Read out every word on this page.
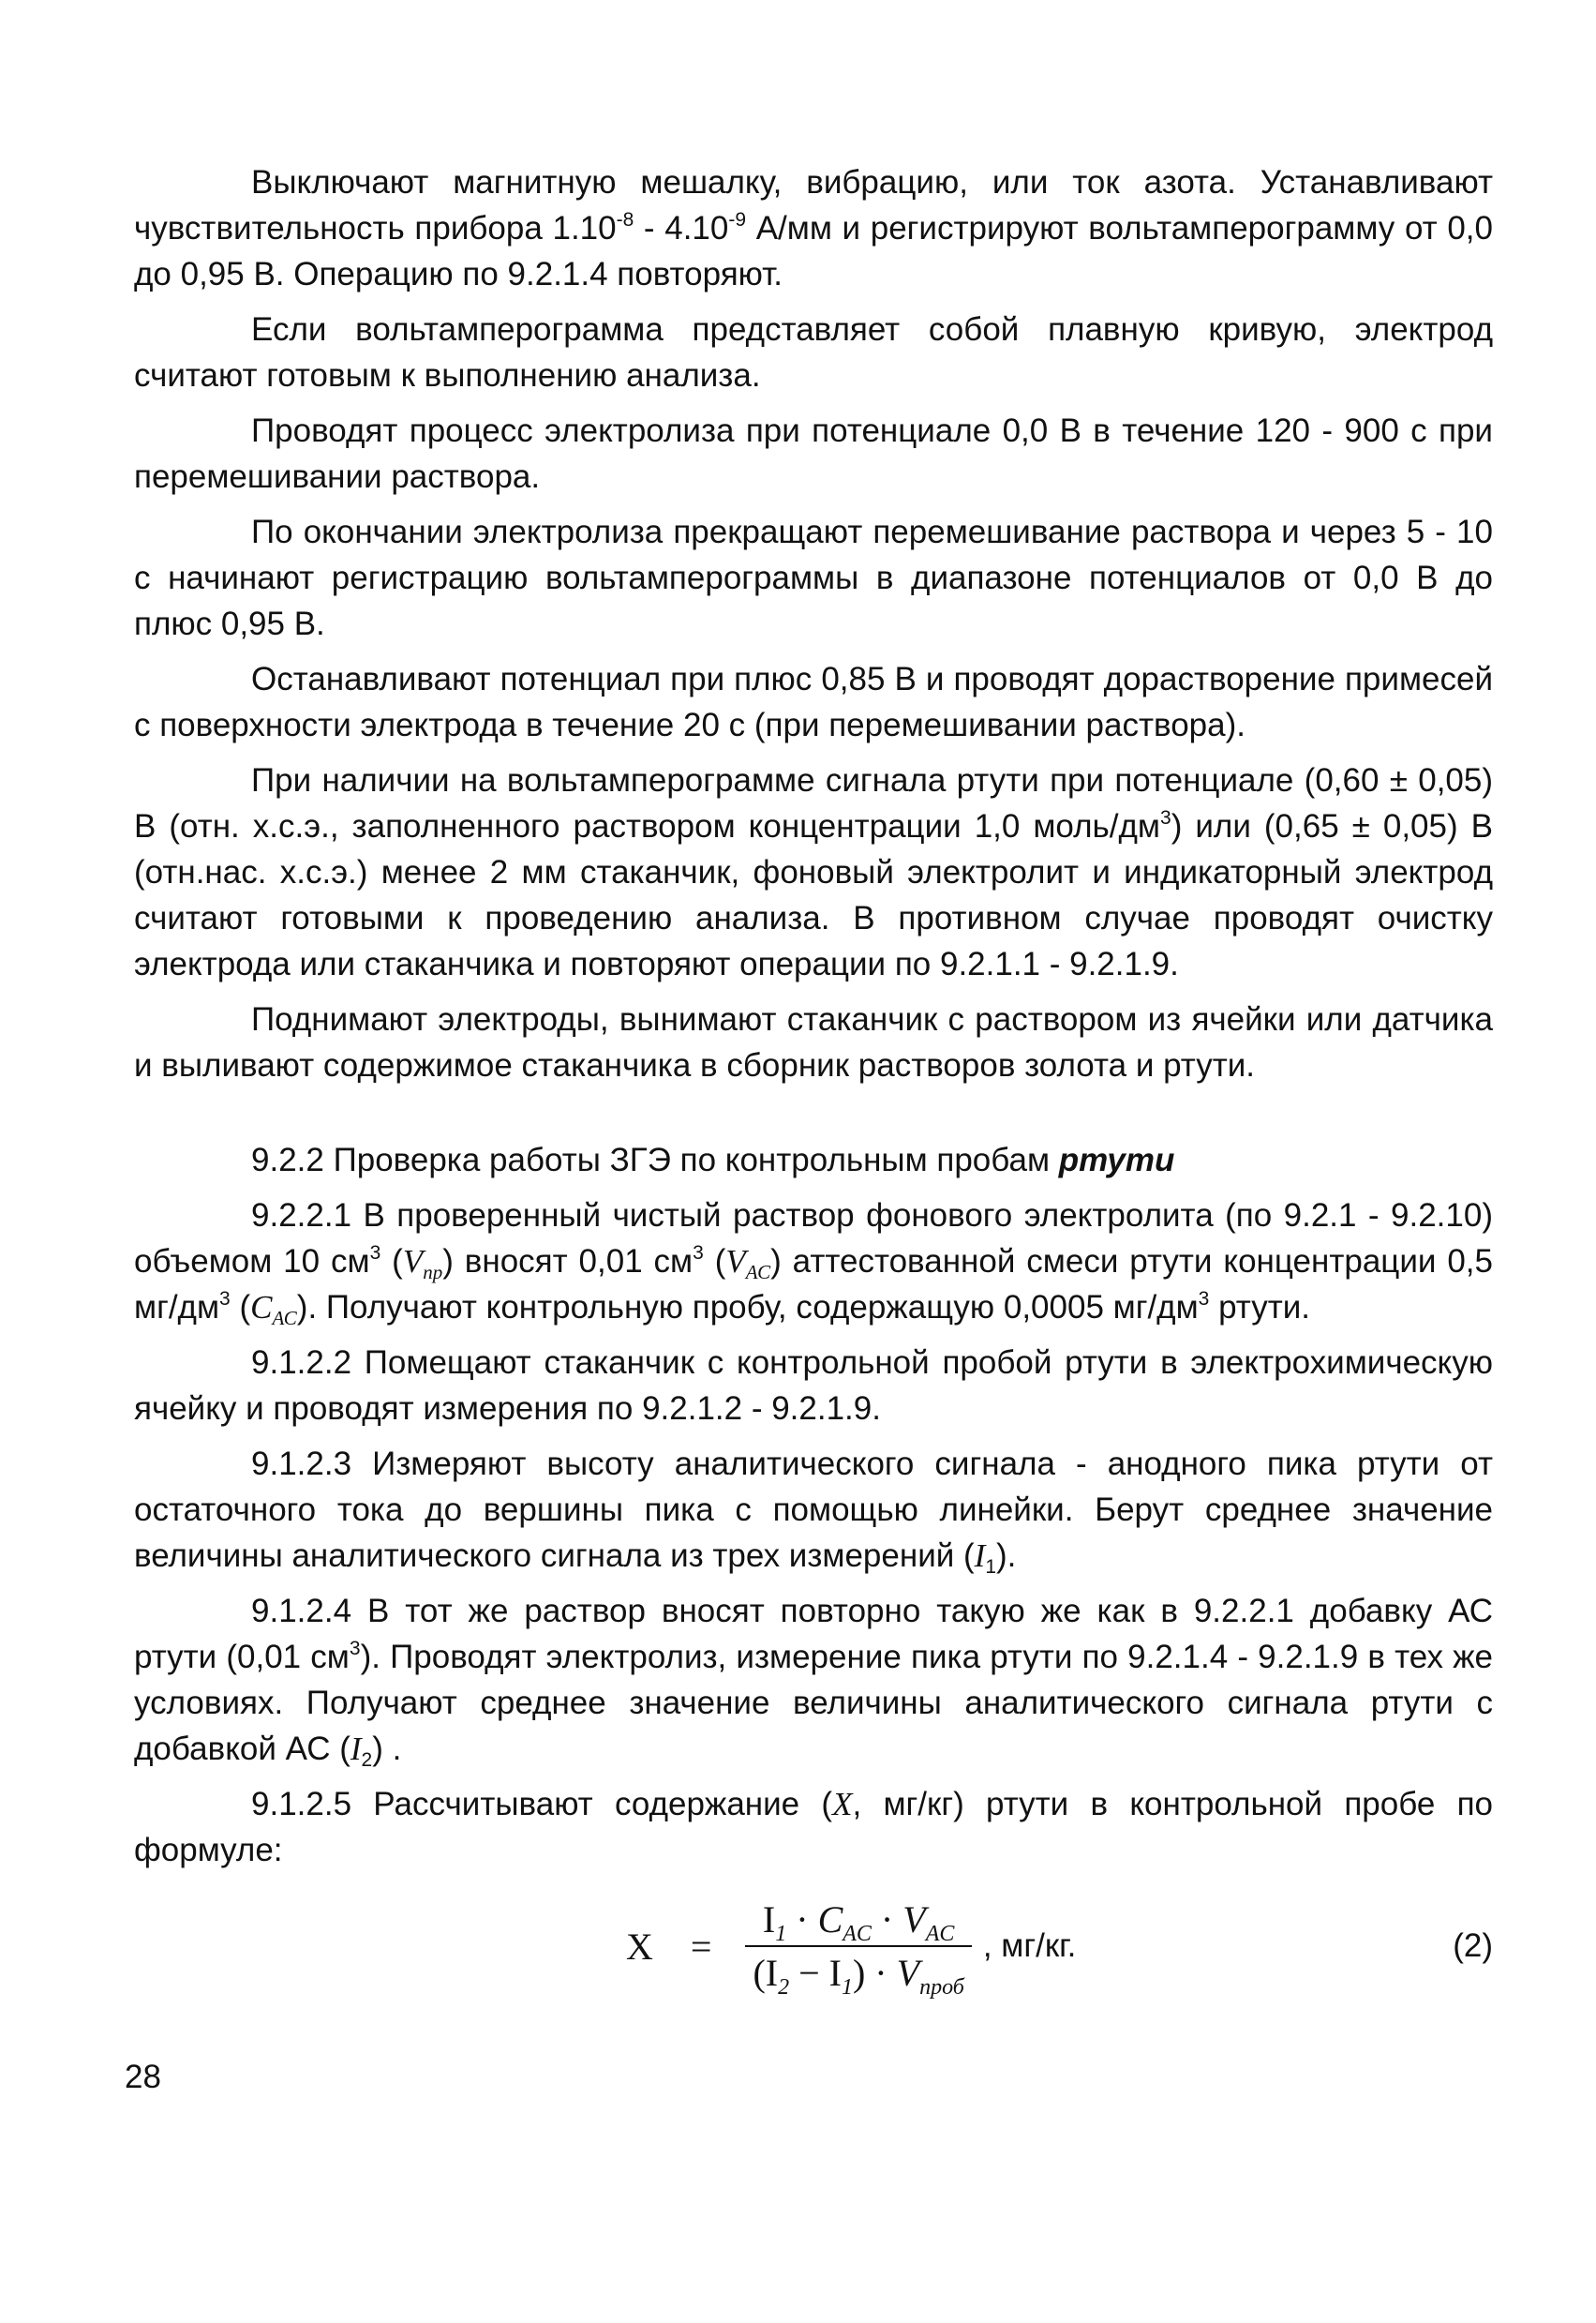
Выключают магнитную мешалку, вибрацию, или ток азота. Устанавливают чувствительность прибора $1.10^{-8} - 4.10^{-9}$ А/мм и регистрируют вольтамперограмму от 0,0 до 0,95 В. Операцию по 9.2.1.4 повторяют.

Если вольтамперограмма представляет собой плавную кривую, электрод считают готовым к выполнению анализа.

Проводят процесс электролиза при потенциале 0,0 В в течение 120 - 900 с при перемешивании раствора.

По окончании электролиза прекращают перемешивание раствора и через 5 - 10 с начинают регистрацию вольтамперограммы в диапазоне потенциалов от 0,0 В до плюс 0,95 В.

Останавливают потенциал при плюс 0,85 В и проводят дорастворение примесей с поверхности электрода в течение 20 с (при перемешивании раствора).

При наличии на вольтамперограмме сигнала ртути при потенциале (0,60 ± 0,05) В (отн. х.с.э., заполненного раствором концентрации 1,0 моль/$дм^3$) или (0,65 ± 0,05) В (отн.нас. х.с.э.) менее 2 мм стаканчик, фоновый электролит и индикаторный электрод считают готовыми к проведению анализа. В противном случае проводят очистку электрода или стаканчика и повторяют операции по 9.2.1.1 - 9.2.1.9.

Поднимают электроды, вынимают стаканчик с раствором из ячейки или датчика и выливают содержимое стаканчика в сборник растворов золота и ртути.

9.2.2 Проверка работы ЗГЭ по контрольным пробам ртути

9.2.2.1 В проверенный чистый раствор фонового электролита (по 9.2.1 - 9.2.10) объемом 10 $см^3$ $(V_{пр})$ вносят 0,01 $см^3$ $(V_{АС})$ аттестованной смеси ртути концентрации 0,5 $мг/дм^3$ $(C_{АС})$. Получают контрольную пробу, содержащую 0,0005 $мг/дм^3$ ртути.

9.1.2.2 Помещают стаканчик с контрольной пробой ртути в электрохимическую ячейку и проводят измерения по 9.2.1.2 - 9.2.1.9.

9.1.2.3 Измеряют высоту аналитического сигнала - анодного пика ртути от остаточного тока до вершины пика с помощью линейки. Берут среднее значение величины аналитического сигнала из трех измерений $(I_1)$.

9.1.2.4 В тот же раствор вносят повторно такую же как в 9.2.2.1 добавку АС ртути (0,01 $см^3$). Проводят электролиз, измерение пика ртути по 9.2.1.4 - 9.2.1.9 в тех же условиях. Получают среднее значение величины аналитического сигнала ртути с добавкой АС $(I_2)$ .

9.1.2.5 Рассчитывают содержание (X, мг/кг) ртути в контрольной пробе по формуле:

$X = \frac{I_1 \cdot C_{AC} \cdot V_{AC}}{(I_2 - I_1) \cdot V_{проб}}$ , мг/кг.	(2)
28
